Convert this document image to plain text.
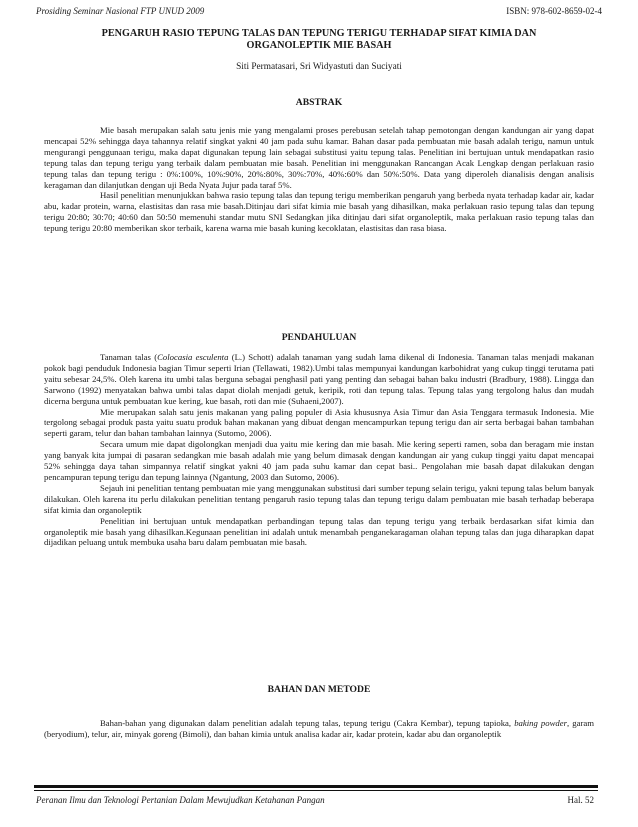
Prosiding Seminar Nasional FTP UNUD 2009	ISBN: 978-602-8659-02-4
PENGARUH RASIO TEPUNG TALAS DAN TEPUNG TERIGU TERHADAP SIFAT KIMIA DAN ORGANOLEPTIK MIE BASAH
Siti Permatasari, Sri Widyastuti dan Suciyati
ABSTRAK

Mie basah merupakan salah satu jenis mie yang mengalami proses perebusan setelah tahap pemotongan dengan kandungan air yang dapat mencapai 52% sehingga daya tahannya relatif singkat yakni 40 jam pada suhu kamar. Bahan dasar pada pembuatan mie basah adalah terigu, namun untuk mengurangi penggunaan terigu, maka dapat digunakan tepung lain sebagai substitusi yaitu tepung talas. Penelitian ini bertujuan untuk mendapatkan rasio tepung talas dan tepung terigu yang terbaik dalam pembuatan mie basah. Penelitian ini menggunakan Rancangan Acak Lengkap dengan perlakuan rasio tepung talas dan tepung terigu : 0%:100%, 10%:90%, 20%:80%, 30%:70%, 40%:60% dan 50%:50%. Data yang diperoleh dianalisis dengan analisis keragaman dan dilanjutkan dengan uji Beda Nyata Jujur pada taraf 5%.

Hasil penelitian menunjukkan bahwa rasio tepung talas dan tepung terigu memberikan pengaruh yang berbeda nyata terhadap kadar air, kadar abu, kadar protein, warna, elastisitas dan rasa mie basah.Ditinjau dari sifat kimia mie basah yang dihasilkan, maka perlakuan rasio tepung talas dan tepung terigu 20:80; 30:70; 40:60 dan 50:50 memenuhi standar mutu SNI Sedangkan jika ditinjau dari sifat organoleptik, maka perlakuan rasio tepung talas dan tepung terigu 20:80 memberikan skor terbaik, karena warna mie basah kuning kecoklatan, elastisitas dan rasa biasa.

PENDAHULUAN

Tanaman talas (Colocasia esculenta (L.) Schott) adalah tanaman yang sudah lama dikenal di Indonesia. Tanaman talas menjadi makanan pokok bagi penduduk Indonesia bagian Timur seperti Irian (Tellawati, 1982).Umbi talas mempunyai kandungan karbohidrat yang cukup tinggi terutama pati yaitu sebesar 24,5%. Oleh karena itu umbi talas berguna sebagai penghasil pati yang penting dan sebagai bahan baku industri (Bradbury, 1988). Lingga dan Sarwono (1992) menyatakan bahwa umbi talas dapat diolah menjadi getuk, keripik, roti dan tepung talas. Tepung talas yang tergolong halus dan mudah dicerna berguna untuk pembuatan kue kering, kue basah, roti dan mie (Suhaeni,2007).

Mie merupakan salah satu jenis makanan yang paling populer di Asia khususnya Asia Timur dan Asia Tenggara termasuk Indonesia. Mie tergolong sebagai produk pasta yaitu suatu produk bahan makanan yang dibuat dengan mencampurkan tepung terigu dan air serta berbagai bahan tambahan seperti garam, telur dan bahan tambahan lainnya (Sutomo, 2006).

Secara umum mie dapat digolongkan menjadi dua yaitu mie kering dan mie basah. Mie kering seperti ramen, soba dan beragam mie instan yang banyak kita jumpai di pasaran sedangkan mie basah adalah mie yang belum dimasak dengan kandungan air yang cukup tinggi yaitu dapat mencapai 52% sehingga daya tahan simpannya relatif singkat yakni 40 jam pada suhu kamar dan cepat basi.. Pengolahan mie basah dapat dilakukan dengan pencampuran tepung terigu dan tepung lainnya (Ngantung, 2003 dan Sutomo, 2006).

Sejauh ini penelitian tentang pembuatan mie yang menggunakan substitusi dari sumber tepung selain terigu, yakni tepung talas belum banyak dilakukan. Oleh karena itu perlu dilakukan penelitian tentang pengaruh rasio tepung talas dan tepung terigu dalam pembuatan mie basah terhadap beberapa sifat kimia dan organoleptik

Penelitian ini bertujuan untuk mendapatkan perbandingan tepung talas dan tepung terigu yang terbaik berdasarkan sifat kimia dan organoleptik mie basah yang dihasilkan.Kegunaan penelitian ini adalah untuk menambah penganekaragaman olahan tepung talas dan juga diharapkan dapat dijadikan peluang untuk membuka usaha baru dalam pembuatan mie basah.

BAHAN DAN METODE

Bahan-bahan yang digunakan dalam penelitian adalah tepung talas, tepung terigu (Cakra Kembar), tepung tapioka, baking powder, garam (beryodium), telur, air, minyak goreng (Bimoli), dan bahan kimia untuk analisa kadar air, kadar protein, kadar abu dan organoleptik

Peranan Ilmu dan Teknologi Pertanian Dalam Mewujudkan Ketahanan Pangan	Hal. 52
